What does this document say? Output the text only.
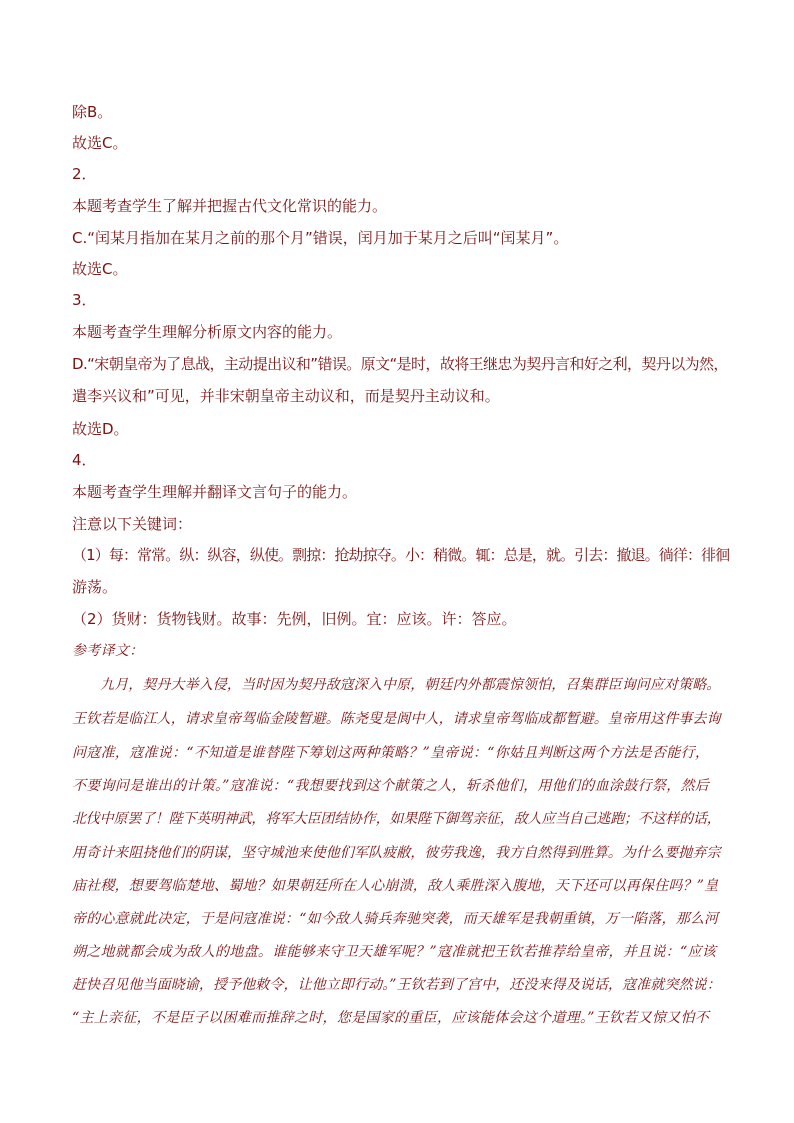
除B。
故选C。
2．
本题考查学生了解并把握古代文化常识的能力。
C.“闰某月指加在某月之前的那个月”错误，闰月加于某月之后叫“闰某月”。
故选C。
3．
本题考查学生理解分析原文内容的能力。
D.“宋朝皇帝为了息战，主动提出议和”错误。原文“是时，故将王继忠为契丹言和好之利，契丹以为然，
遣李兴议和”可见，并非宋朝皇帝主动议和，而是契丹主动议和。
故选D。
4．
本题考查学生理解并翻译文言句子的能力。
注意以下关键词：
（1）每：常常。纵：纵容，纵使。剽掠：抢劫掠夺。小：稍微。辄：总是，就。引去：撤退。徜徉：徘徊
游荡。
（2）货财：货物钱财。故事：先例，旧例。宜：应该。许：答应。
参考译文：
九月，契丹大举入侵，当时因为契丹敌寇深入中原，朝廷内外都震惊领怕，召集群臣询问应对策略。
王钦若是临江人，请求皇帝驾临金陵暂避。陈尧叟是阆中人，请求皇帝驾临成都暂避。皇帝用这件事去询
问寇准，寇准说：“不知道是谁替陛下筹划这两种策略？”皇帝说：“你姑且判断这两个方法是否能行，
不要询问是谁出的计策。”寇准说：“我想要找到这个献策之人，斩杀他们，用他们的血涂鼓行祭，然后
北伐中原罢了！陛下英明神武，将军大臣团结协作，如果陛下御驾亲征，敌人应当自己逃跑；不这样的话，
用奇计来阻挠他们的阴谋，坚守城池来使他们军队疲敝，彼劳我逸，我方自然得到胜算。为什么要抛弃宗
庙社稷，想要驾临楚地、蜀地？如果朝廷所在人心崩溃，敌人乘胜深入腹地，天下还可以再保住吗？”皇
帝的心意就此决定，于是问寇准说：“如今敌人骑兵奔驰突袭，而天雄军是我朝重镇，万一陷落，那么河
朔之地就都会成为敌人的地盘。谁能够来守卫天雄军呢？”寇准就把王钦若推荐给皇帝，并且说：“应该
赶快召见他当面晓谕，授予他敕令，让他立即行动。”王钦若到了宫中，还没来得及说话，寇准就突然说：
“主上亲征，不是臣子以困难而推辞之时，您是国家的重臣，应该能体会这个道理。”王钦若又惊又怕不
